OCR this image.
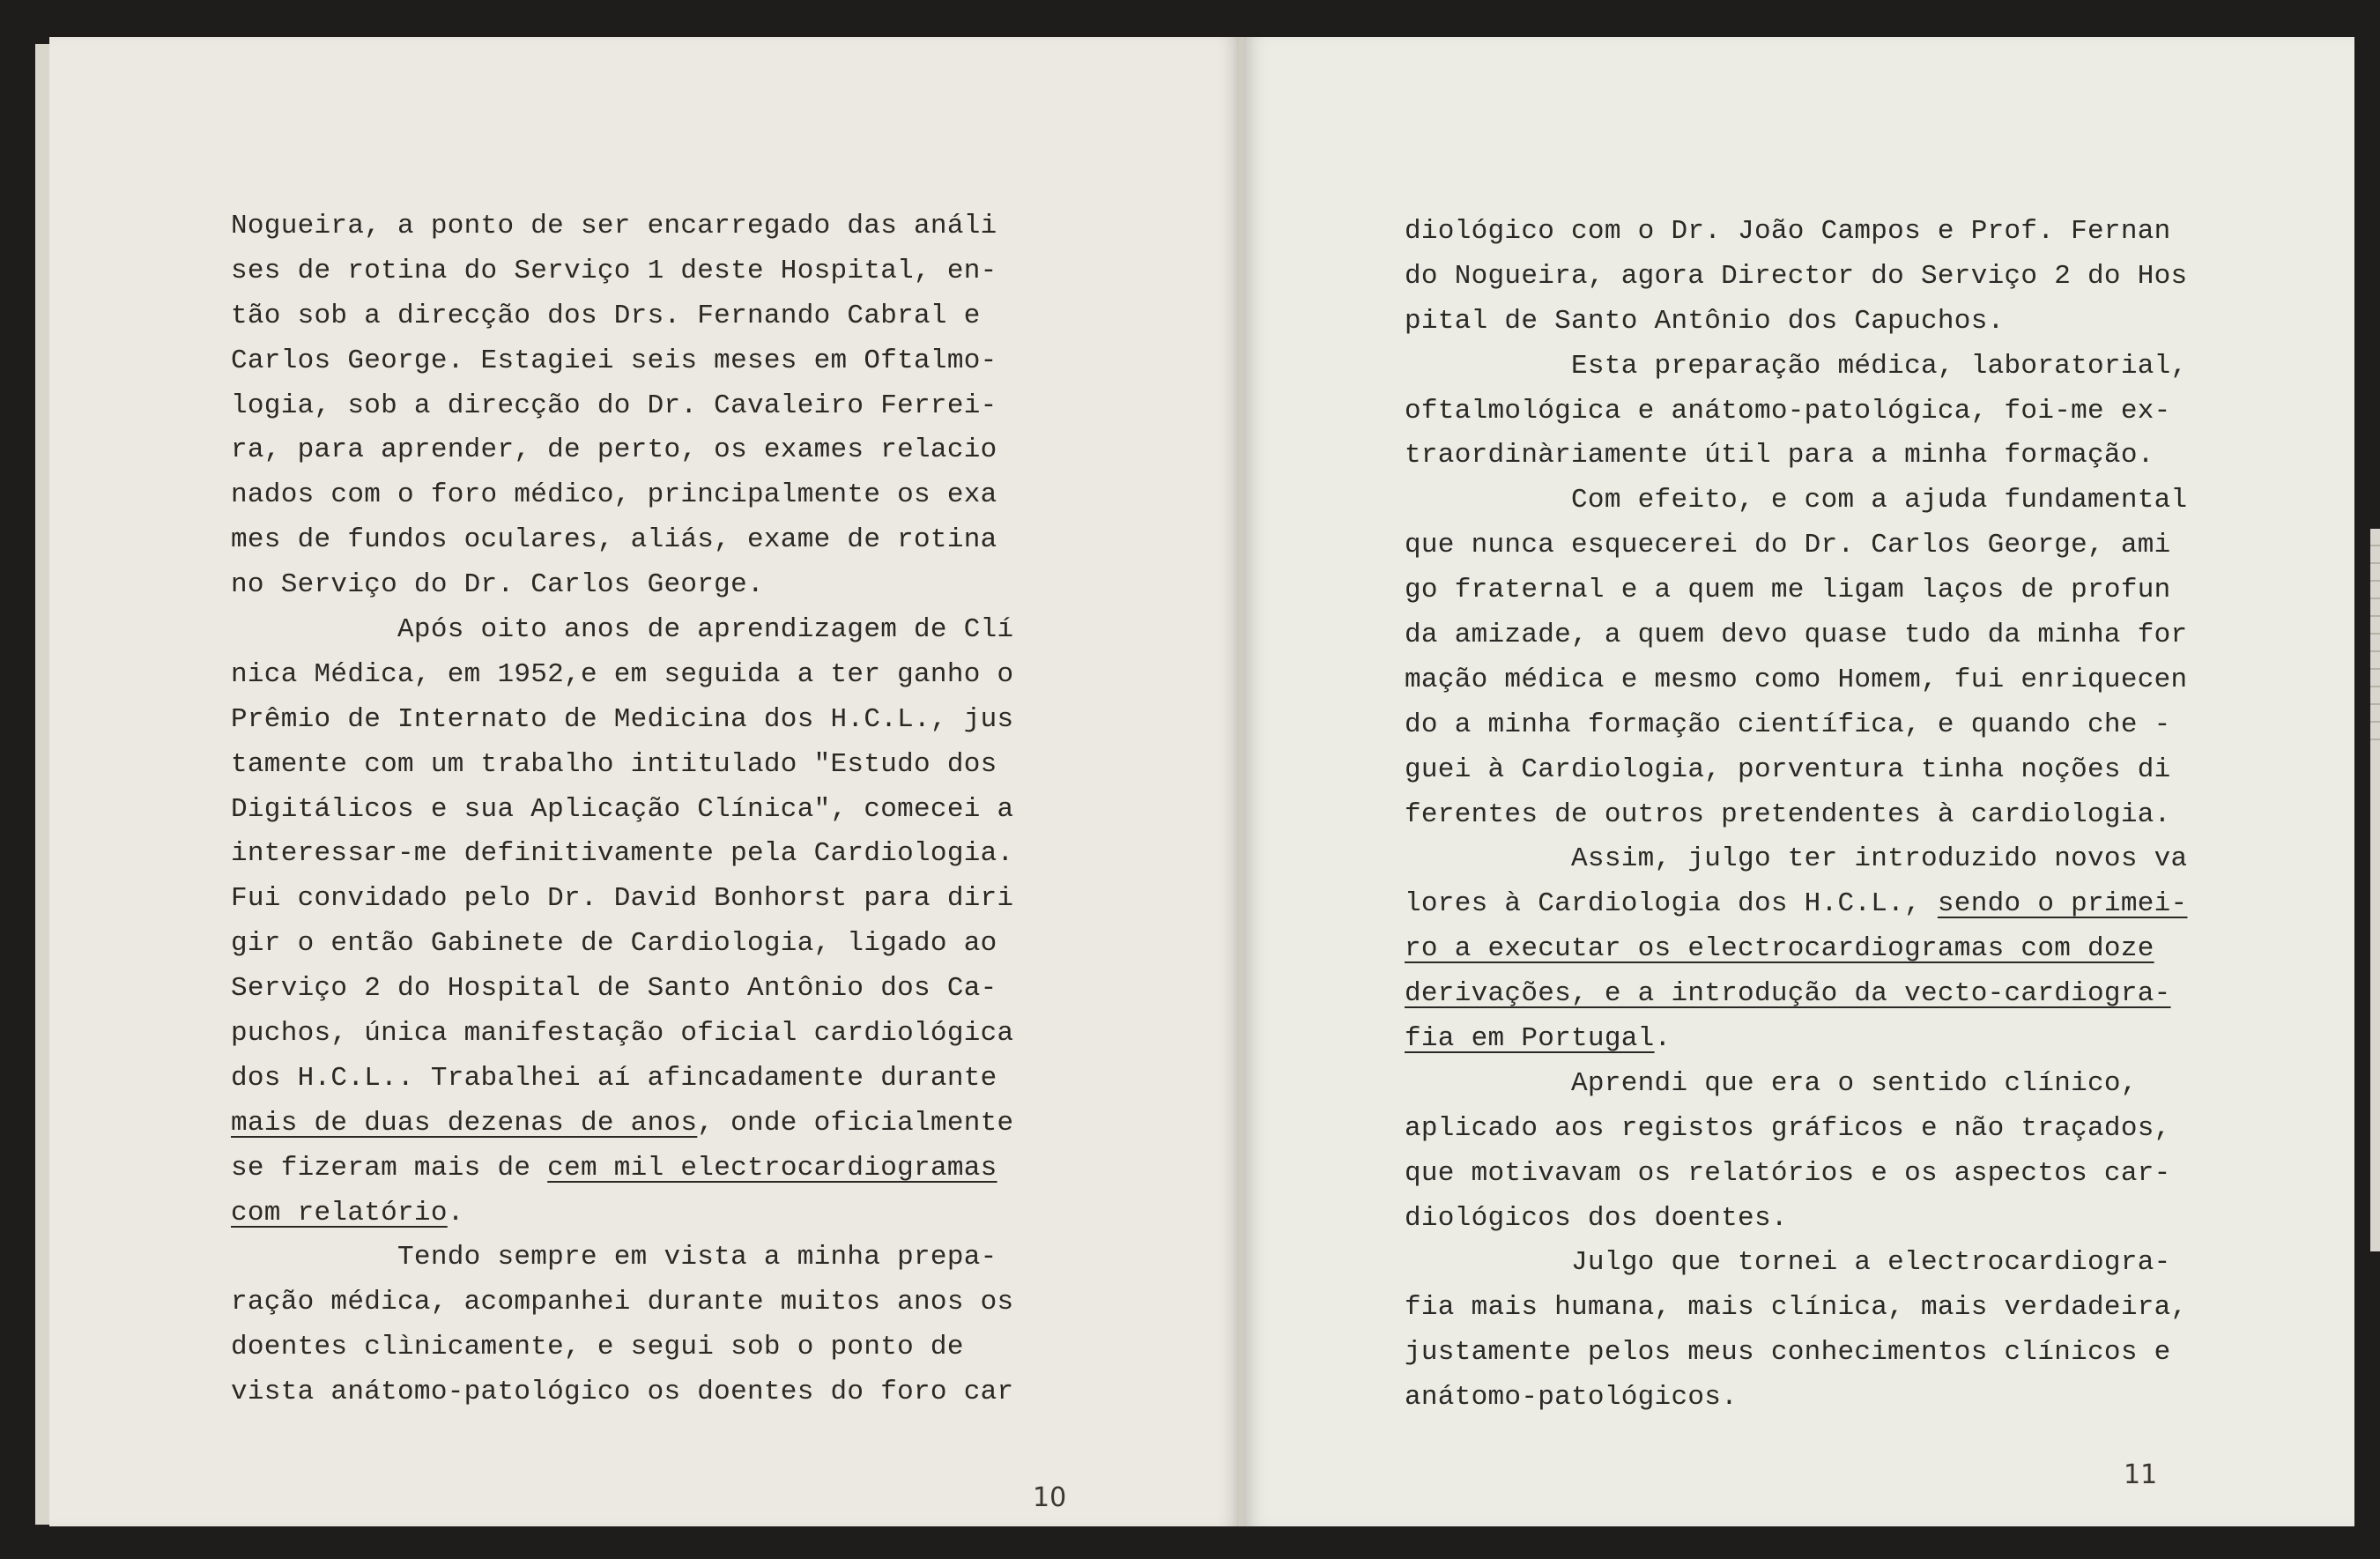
Nogueira, a ponto de ser encarregado das análi
ses de rotina do Serviço 1 deste Hospital, en-
tão sob a direcção dos Drs. Fernando Cabral e
Carlos George. Estagiei seis meses em Oftalmo-
logia, sob a direcção do Dr. Cavaleiro Ferrei-
ra, para aprender, de perto, os exames relacio
nados com o foro médico, principalmente os exa
mes de fundos oculares, aliás, exame de rotina
no Serviço do Dr. Carlos George.
Após oito anos de aprendizagem de Clí
nica Médica, em 1952,e em seguida a ter ganho o
Prêmio de Internato de Medicina dos H.C.L., jus
tamente com um trabalho intitulado "Estudo dos
Digitálicos e sua Aplicação Clínica", comecei a
interessar-me definitivamente pela Cardiologia.
Fui convidado pelo Dr. David Bonhorst para diri
gir o então Gabinete de Cardiologia, ligado ao
Serviço 2 do Hospital de Santo Antônio dos Ca-
puchos, única manifestação oficial cardiológica
dos H.C.L.. Trabalhei aí afincadamente durante
mais de duas dezenas de anos, onde oficialmente
se fizeram mais de cem mil electrocardiogramas
com relatório.
Tendo sempre em vista a minha prepa-
ração médica, acompanhei durante muitos anos os
doentes clìnicamente, e segui sob o ponto de
vista anátomo-patológico os doentes do foro car
10
diológico com o Dr. João Campos e Prof. Fernan
do Nogueira, agora Director do Serviço 2 do Hos
pital de Santo Antônio dos Capuchos.
Esta preparação médica, laboratorial,
oftalmológica e anátomo-patológica, foi-me ex-
traordinàriamente útil para a minha formação.
Com efeito, e com a ajuda fundamental
que nunca esquecerei do Dr. Carlos George, ami
go fraternal e a quem me ligam laços de profun
da amizade, a quem devo quase tudo da minha for
mação médica e mesmo como Homem, fui enriquecen
do a minha formação científica, e quando che -
guei à Cardiologia, porventura tinha noções di
ferentes de outros pretendentes à cardiologia.
Assim, julgo ter introduzido novos va
lores à Cardiologia dos H.C.L., sendo o primei-
ro a executar os electrocardiogramas com doze
derivações, e a introdução da vecto-cardiogra-
fia em Portugal.
Aprendi que era o sentido clínico,
aplicado aos registos gráficos e não traçados,
que motivavam os relatórios e os aspectos car-
diológicos dos doentes.
Julgo que tornei a electrocardiogra-
fia mais humana, mais clínica, mais verdadeira,
justamente pelos meus conhecimentos clínicos e
anátomo-patológicos.
11
